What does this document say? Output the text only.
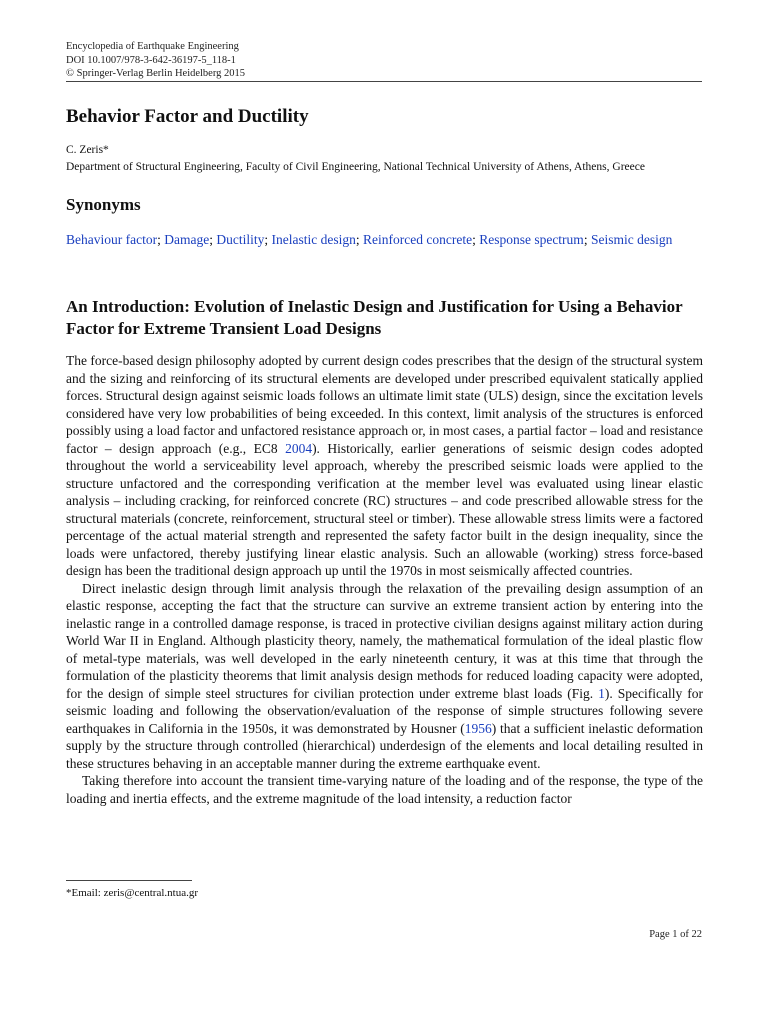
Encyclopedia of Earthquake Engineering
DOI 10.1007/978-3-642-36197-5_118-1
© Springer-Verlag Berlin Heidelberg 2015
Behavior Factor and Ductility
C. Zeris*
Department of Structural Engineering, Faculty of Civil Engineering, National Technical University of Athens, Athens, Greece
Synonyms
Behaviour factor; Damage; Ductility; Inelastic design; Reinforced concrete; Response spectrum; Seismic design
An Introduction: Evolution of Inelastic Design and Justification for Using a Behavior Factor for Extreme Transient Load Designs

The force-based design philosophy adopted by current design codes prescribes that the design of the structural system and the sizing and reinforcing of its structural elements are developed under prescribed equivalent statically applied forces. Structural design against seismic loads follows an ultimate limit state (ULS) design, since the excitation levels considered have very low probabilities of being exceeded. In this context, limit analysis of the structures is enforced possibly using a load factor and unfactored resistance approach or, in most cases, a partial factor – load and resistance factor – design approach (e.g., EC8 2004). Historically, earlier generations of seismic design codes adopted throughout the world a serviceability level approach, whereby the prescribed seismic loads were applied to the structure unfactored and the corresponding verification at the member level was evaluated using linear elastic analysis – including cracking, for reinforced concrete (RC) structures – and code prescribed allowable stress for the structural materials (concrete, reinforcement, structural steel or timber). These allowable stress limits were a factored percentage of the actual material strength and represented the safety factor built in the design inequality, since the loads were unfactored, thereby justifying linear elastic analysis. Such an allowable (working) stress force-based design has been the traditional design approach up until the 1970s in most seismically affected countries.

Direct inelastic design through limit analysis through the relaxation of the prevailing design assumption of an elastic response, accepting the fact that the structure can survive an extreme transient action by entering into the inelastic range in a controlled damage response, is traced in protective civilian designs against military action during World War II in England. Although plasticity theory, namely, the mathematical formulation of the ideal plastic flow of metal-type materials, was well developed in the early nineteenth century, it was at this time that through the formulation of the plasticity theorems that limit analysis design methods for reduced loading capacity were adopted, for the design of simple steel structures for civilian protection under extreme blast loads (Fig. 1). Specifically for seismic loading and following the observation/evaluation of the response of simple structures following severe earthquakes in California in the 1950s, it was demonstrated by Housner (1956) that a sufficient inelastic deformation supply by the structure through controlled (hierarchical) underdesign of the elements and local detailing resulted in these structures behaving in an acceptable manner during the extreme earthquake event.

Taking therefore into account the transient time-varying nature of the loading and of the response, the type of the loading and inertia effects, and the extreme magnitude of the load intensity, a reduction factor

*Email: zeris@central.ntua.gr
Page 1 of 22
